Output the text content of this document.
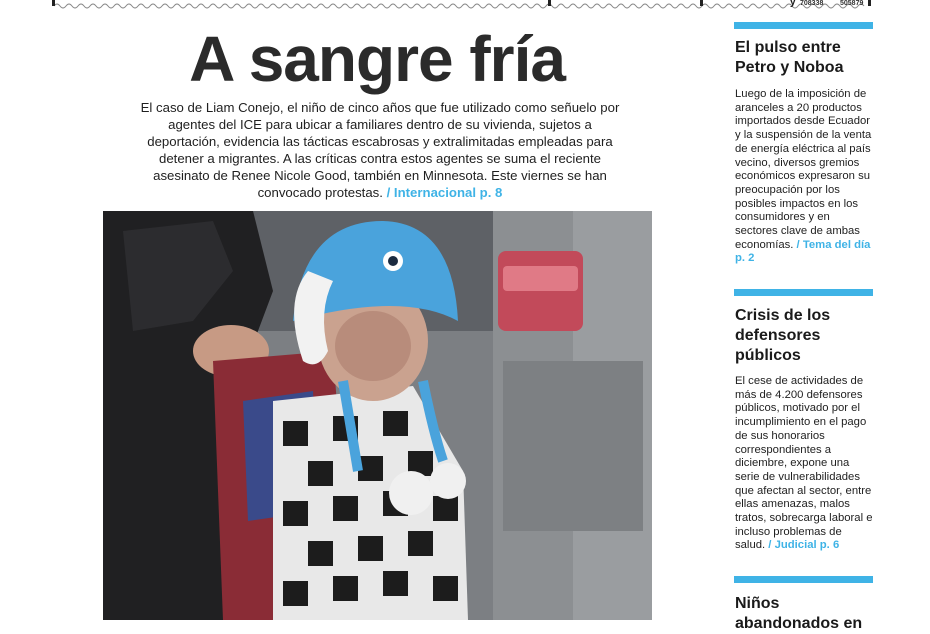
y 708338 505879
A sangre fría

El caso de Liam Conejo, el niño de cinco años que fue utilizado como señuelo por agentes del ICE para ubicar a familiares dentro de su vivienda, sujetos a deportación, evidencia las tácticas escabrosas y extralimitadas empleadas para detener a migrantes. A las críticas contra estos agentes se suma el reciente asesinato de Renee Nicole Good, también en Minnesota. Este viernes se han convocado protestas. / Internacional p. 8

El pulso entre Petro y Noboa
Luego de la imposición de aranceles a 20 productos importados desde Ecuador y la suspensión de la venta de energía eléctrica al país vecino, diversos gremios económicos expresaron su preocupación por los posibles impactos en los consumidores y en sectores clave de ambas economías. / Tema del día p. 2
Crisis de los defensores públicos
El cese de actividades de más de 4.200 defensores públicos, motivado por el incumplimiento en el pago de sus honorarios correspondientes a diciembre, expone una serie de vulnerabilidades que afectan al sector, entre ellas amenazas, malos tratos, sobrecarga laboral e incluso problemas de salud. / Judicial p. 6
Niños abandonados en
